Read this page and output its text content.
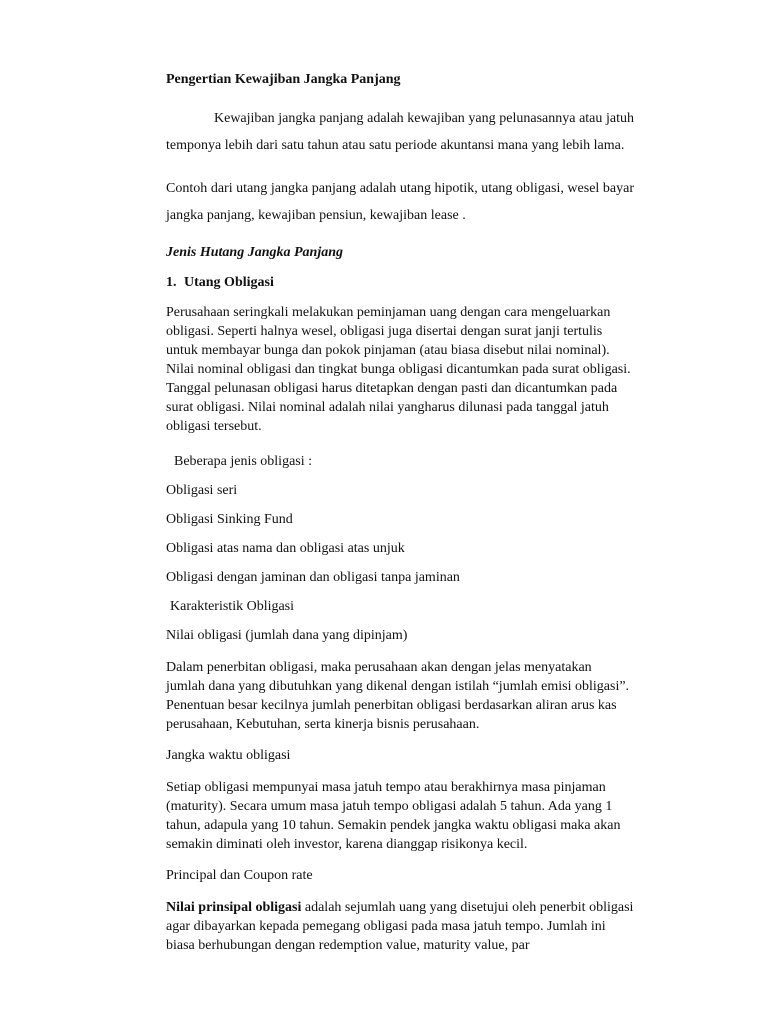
Pengertian Kewajiban Jangka Panjang

Kewajiban jangka panjang adalah kewajiban yang pelunasannya atau jatuh temponya lebih dari satu tahun atau satu periode akuntansi mana yang lebih lama.

Contoh dari utang jangka panjang adalah utang hipotik, utang obligasi, wesel bayar jangka panjang, kewajiban pensiun, kewajiban lease .

Jenis Hutang Jangka Panjang

1. Utang Obligasi

Perusahaan seringkali melakukan peminjaman uang dengan cara mengeluarkan obligasi. Seperti halnya wesel, obligasi juga disertai dengan surat janji tertulis untuk membayar bunga dan pokok pinjaman (atau biasa disebut nilai nominal). Nilai nominal obligasi dan tingkat bunga obligasi dicantumkan pada surat obligasi. Tanggal pelunasan obligasi harus ditetapkan dengan pasti dan dicantumkan pada surat obligasi. Nilai nominal adalah nilai yangharus dilunasi pada tanggal jatuh obligasi tersebut.

Beberapa jenis obligasi :

Obligasi seri

Obligasi Sinking Fund

Obligasi atas nama dan obligasi atas unjuk

Obligasi dengan jaminan dan obligasi tanpa jaminan

Karakteristik Obligasi

Nilai obligasi (jumlah dana yang dipinjam)

Dalam penerbitan obligasi, maka perusahaan akan dengan jelas menyatakan jumlah dana yang dibutuhkan yang dikenal dengan istilah “jumlah emisi obligasi”. Penentuan besar kecilnya jumlah penerbitan obligasi berdasarkan aliran arus kas perusahaan, Kebutuhan, serta kinerja bisnis perusahaan.

Jangka waktu obligasi

Setiap obligasi mempunyai masa jatuh tempo atau berakhirnya masa pinjaman (maturity). Secara umum masa jatuh tempo obligasi adalah 5 tahun. Ada yang 1 tahun, adapula yang 10 tahun. Semakin pendek jangka waktu obligasi maka akan semakin diminati oleh investor, karena dianggap risikonya kecil.

Principal dan Coupon rate

Nilai prinsipal obligasi adalah sejumlah uang yang disetujui oleh penerbit obligasi agar dibayarkan kepada pemegang obligasi pada masa jatuh tempo. Jumlah ini biasa berhubungan dengan redemption value, maturity value, par
